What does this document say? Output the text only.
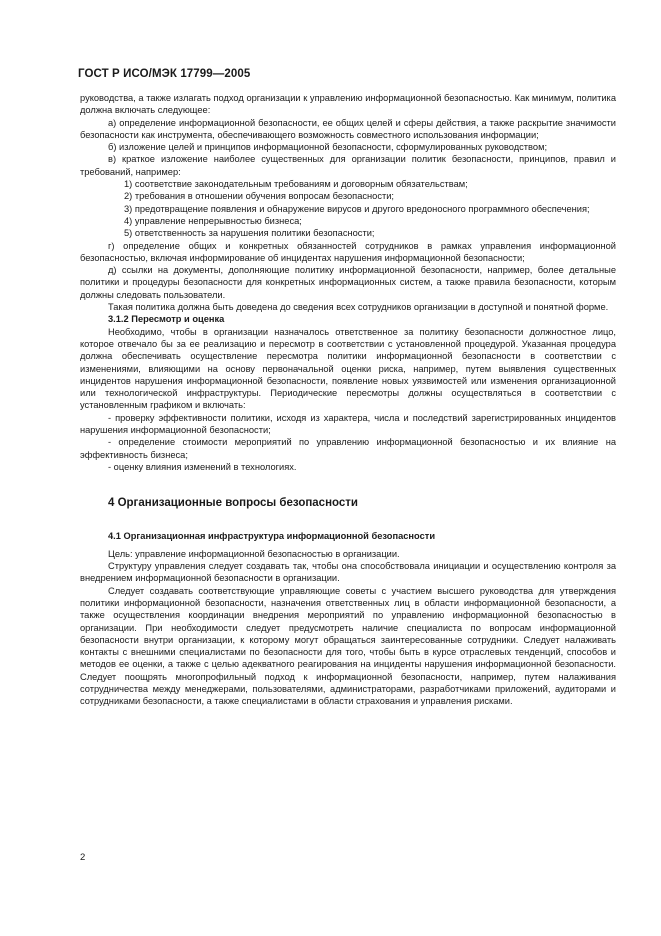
ГОСТ Р ИСО/МЭК 17799—2005

руководства, а также излагать подход организации к управлению информационной безопасностью. Как минимум, политика должна включать следующее:

а) определение информационной безопасности, ее общих целей и сферы действия, а также раскрытие значимости безопасности как инструмента, обеспечивающего возможность совместного использования информации;

б) изложение целей и принципов информационной безопасности, сформулированных руководством;

в) краткое изложение наиболее существенных для организации политик безопасности, принципов, правил и требований, например:

1) соответствие законодательным требованиям и договорным обязательствам;

2) требования в отношении обучения вопросам безопасности;

3) предотвращение появления и обнаружение вирусов и другого вредоносного программного обеспечения;

4) управление непрерывностью бизнеса;

5) ответственность за нарушения политики безопасности;

г) определение общих и конкретных обязанностей сотрудников в рамках управления информационной безопасностью, включая информирование об инцидентах нарушения информационной безопасности;

д) ссылки на документы, дополняющие политику информационной безопасности, например, более детальные политики и процедуры безопасности для конкретных информационных систем, а также правила безопасности, которым должны следовать пользователи.

Такая политика должна быть доведена до сведения всех сотрудников организации в доступной и понятной форме.

3.1.2 Пересмотр и оценка

Необходимо, чтобы в организации назначалось ответственное за политику безопасности должностное лицо, которое отвечало бы за ее реализацию и пересмотр в соответствии с установленной процедурой. Указанная процедура должна обеспечивать осуществление пересмотра политики информационной безопасности в соответствии с изменениями, влияющими на основу первоначальной оценки риска, например, путем выявления существенных инцидентов нарушения информационной безопасности, появление новых уязвимостей или изменения организационной или технологической инфраструктуры. Периодические пересмотры должны осуществляться в соответствии с установленным графиком и включать:

- проверку эффективности политики, исходя из характера, числа и последствий зарегистрированных инцидентов нарушения информационной безопасности;

- определение стоимости мероприятий по управлению информационной безопасностью и их влияние на эффективность бизнеса;

- оценку влияния изменений в технологиях.

4 Организационные вопросы безопасности

4.1 Организационная инфраструктура информационной безопасности

Цель: управление информационной безопасностью в организации.

Структуру управления следует создавать так, чтобы она способствовала инициации и осуществлению контроля за внедрением информационной безопасности в организации.

Следует создавать соответствующие управляющие советы с участием высшего руководства для утверждения политики информационной безопасности, назначения ответственных лиц в области информационной безопасности, а также осуществления координации внедрения мероприятий по управлению информационной безопасностью в организации. При необходимости следует предусмотреть наличие специалиста по вопросам информационной безопасности внутри организации, к которому могут обращаться заинтересованные сотрудники. Следует налаживать контакты с внешними специалистами по безопасности для того, чтобы быть в курсе отраслевых тенденций, способов и методов ее оценки, а также с целью адекватного реагирования на инциденты нарушения информационной безопасности. Следует поощрять многопрофильный подход к информационной безопасности, например, путем налаживания сотрудничества между менеджерами, пользователями, администраторами, разработчиками приложений, аудиторами и сотрудниками безопасности, а также специалистами в области страхования и управления рисками.

2
